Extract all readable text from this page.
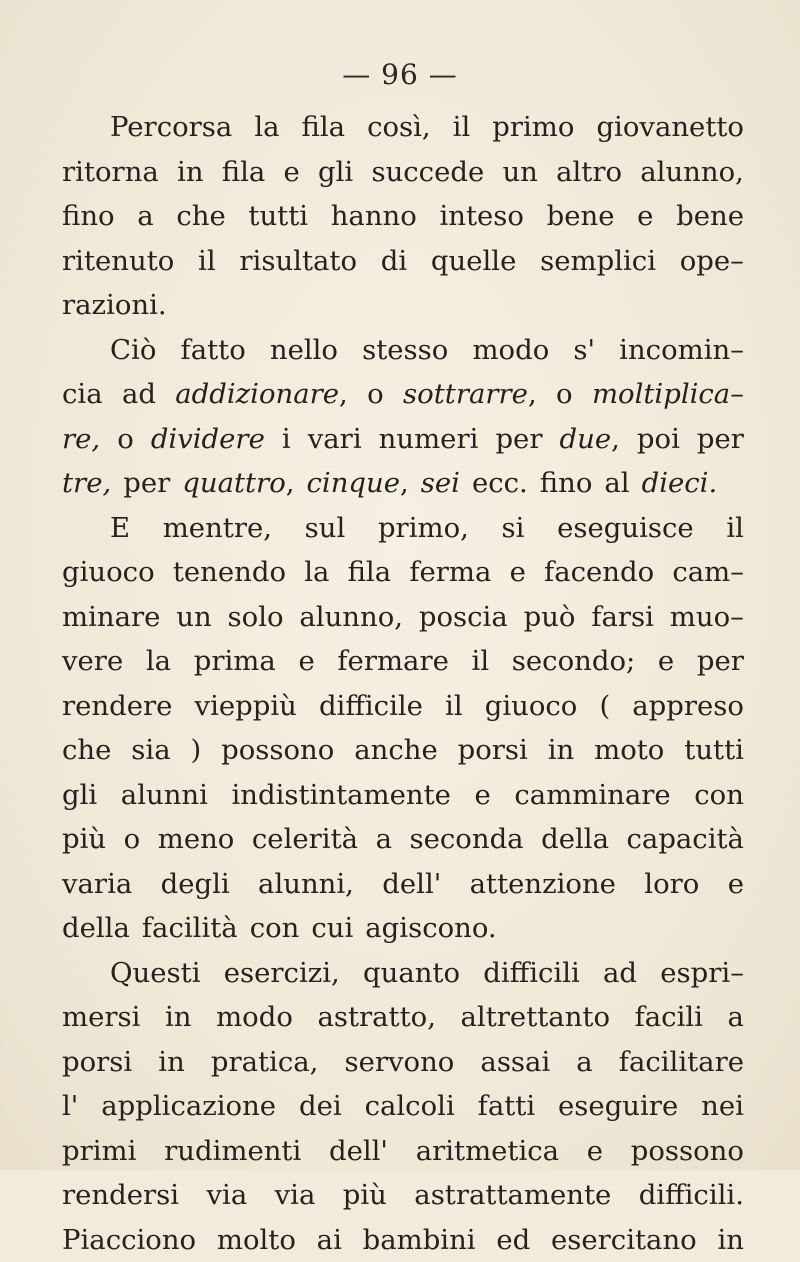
— 96 —
Percorsa la fila così, il primo giovanetto
ritorna in fila e gli succede un altro alunno,
fino a che tutti hanno inteso bene e bene
ritenuto il risultato di quelle semplici ope–
razioni.
Ciò fatto nello stesso modo s' incomin–
cia ad addizionare, o sottrarre, o moltiplica–
re, o dividere i vari numeri per due, poi per
tre, per quattro, cinque, sei ecc. fino al dieci.
E mentre, sul primo, si eseguisce il
giuoco tenendo la fila ferma e facendo cam–
minare un solo alunno, poscia può farsi muo–
vere la prima e fermare il secondo; e per
rendere vieppiù difficile il giuoco ( appreso
che sia ) possono anche porsi in moto tutti
gli alunni indistintamente e camminare con
più o meno celerità a seconda della capacità
varia degli alunni, dell' attenzione loro e
della facilità con cui agiscono.
Questi esercizi, quanto difficili ad espri–
mersi in modo astratto, altrettanto facili a
porsi in pratica, servono assai a facilitare
l' applicazione dei calcoli fatti eseguire nei
primi rudimenti dell' aritmetica e possono
rendersi via via più astrattamente difficili.
Piacciono molto ai bambini ed esercitano in
